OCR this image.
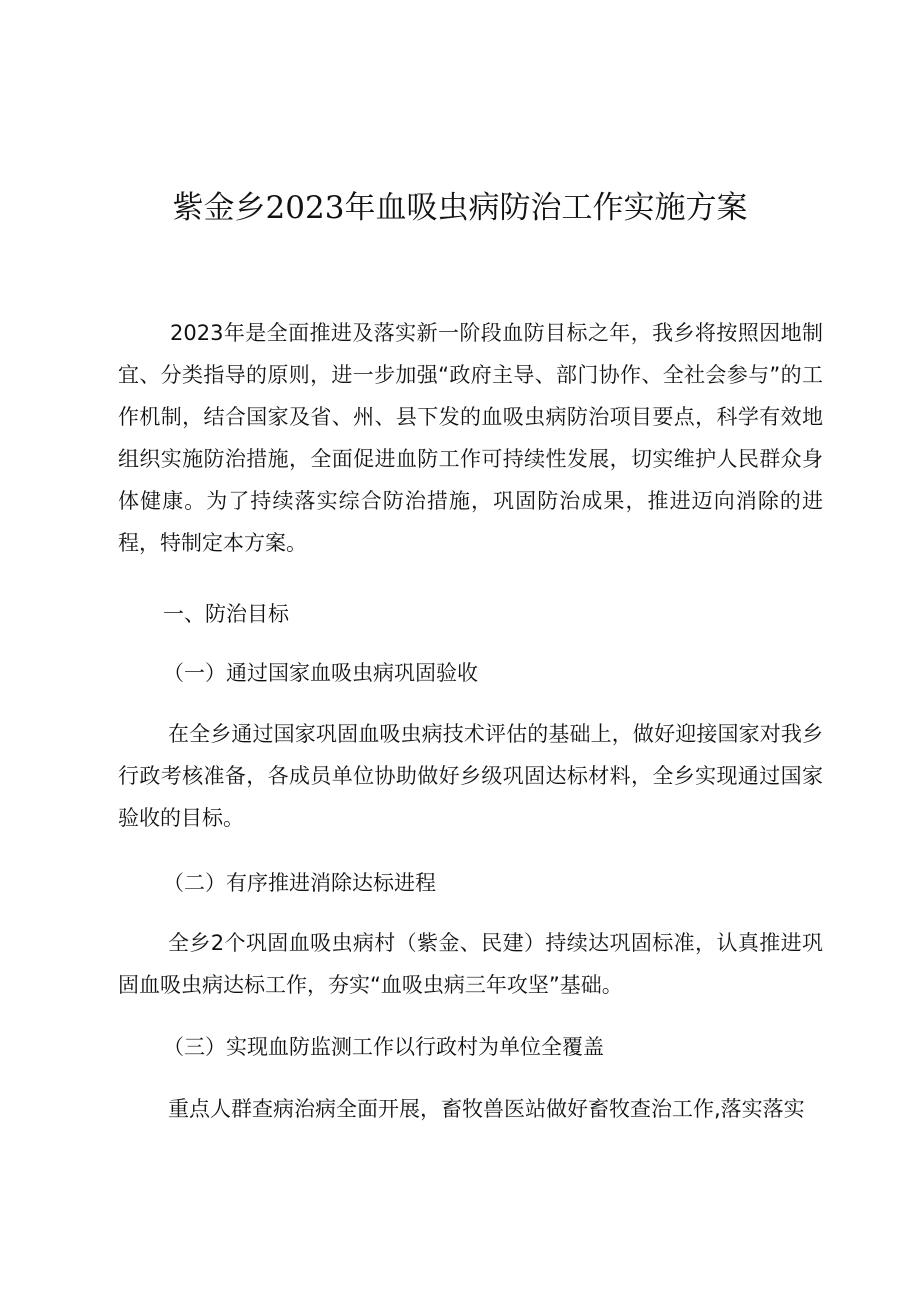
紫金乡2023年血吸虫病防治工作实施方案

2023年是全面推进及落实新一阶段血防目标之年，我乡将按照因地制宜、分类指导的原则，进一步加强“政府主导、部门协作、全社会参与”的工作机制，结合国家及省、州、县下发的血吸虫病防治项目要点，科学有效地组织实施防治措施，全面促进血防工作可持续性发展，切实维护人民群众身体健康。为了持续落实综合防治措施，巩固防治成果，推进迈向消除的进程，特制定本方案。

一、防治目标

（一）通过国家血吸虫病巩固验收

在全乡通过国家巩固血吸虫病技术评估的基础上，做好迎接国家对我乡行政考核准备，各成员单位协助做好乡级巩固达标材料，全乡实现通过国家验收的目标。

（二）有序推进消除达标进程

全乡2个巩固血吸虫病村（紫金、民建）持续达巩固标准，认真推进巩固血吸虫病达标工作，夯实“血吸虫病三年攻坚”基础。

（三）实现血防监测工作以行政村为单位全覆盖

重点人群查病治病全面开展，畜牧兽医站做好畜牧查治工作,落实落实
